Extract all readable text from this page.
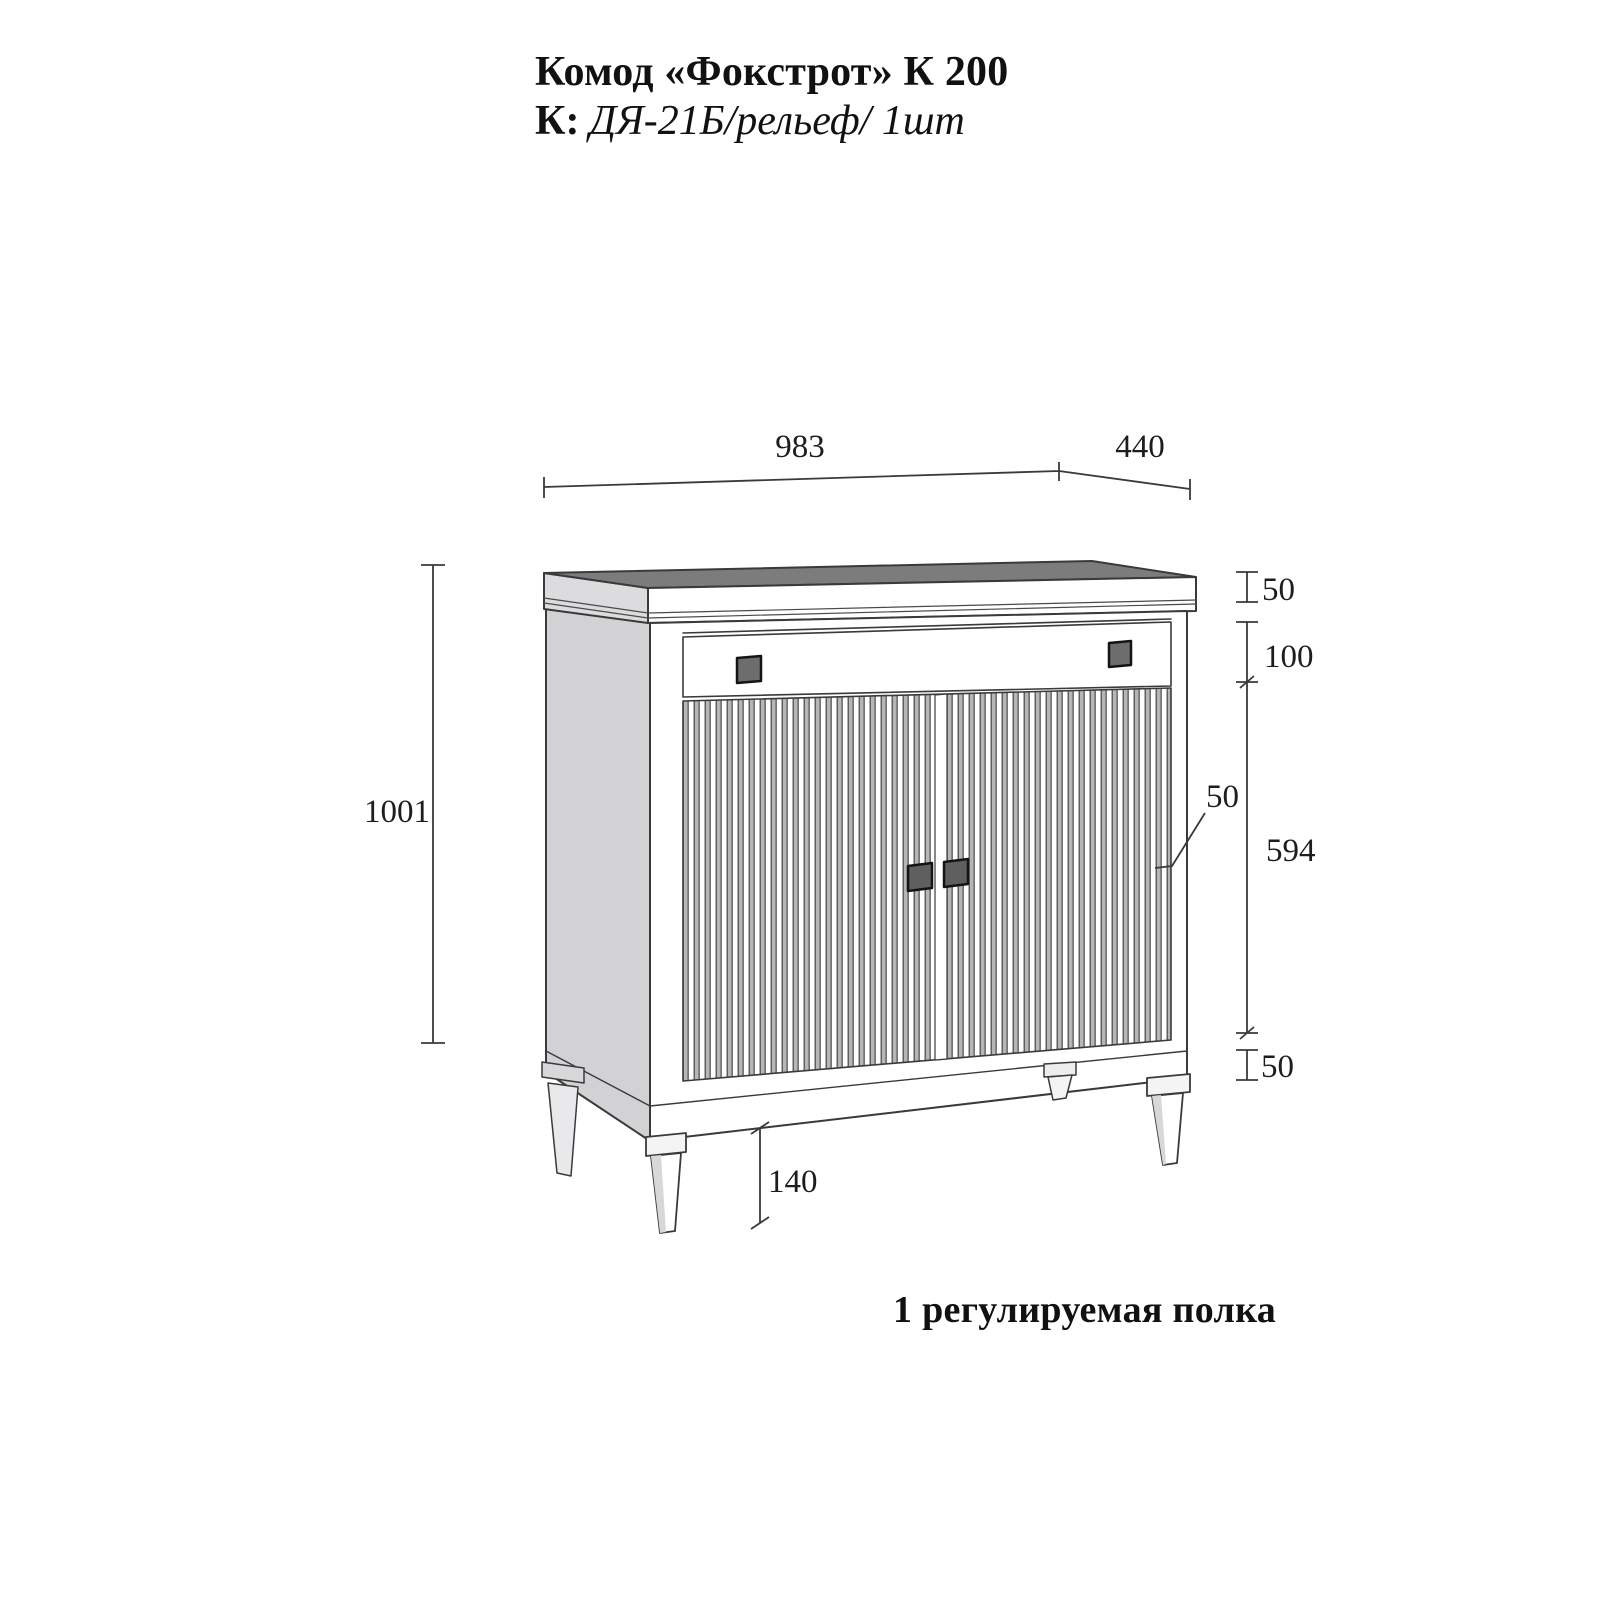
Комод «Фокстрот» К 200
К: ДЯ-21Б/рельеф/ 1шт
983	440
1001
50
100
50
594
50
140
1 регулируемая полка
